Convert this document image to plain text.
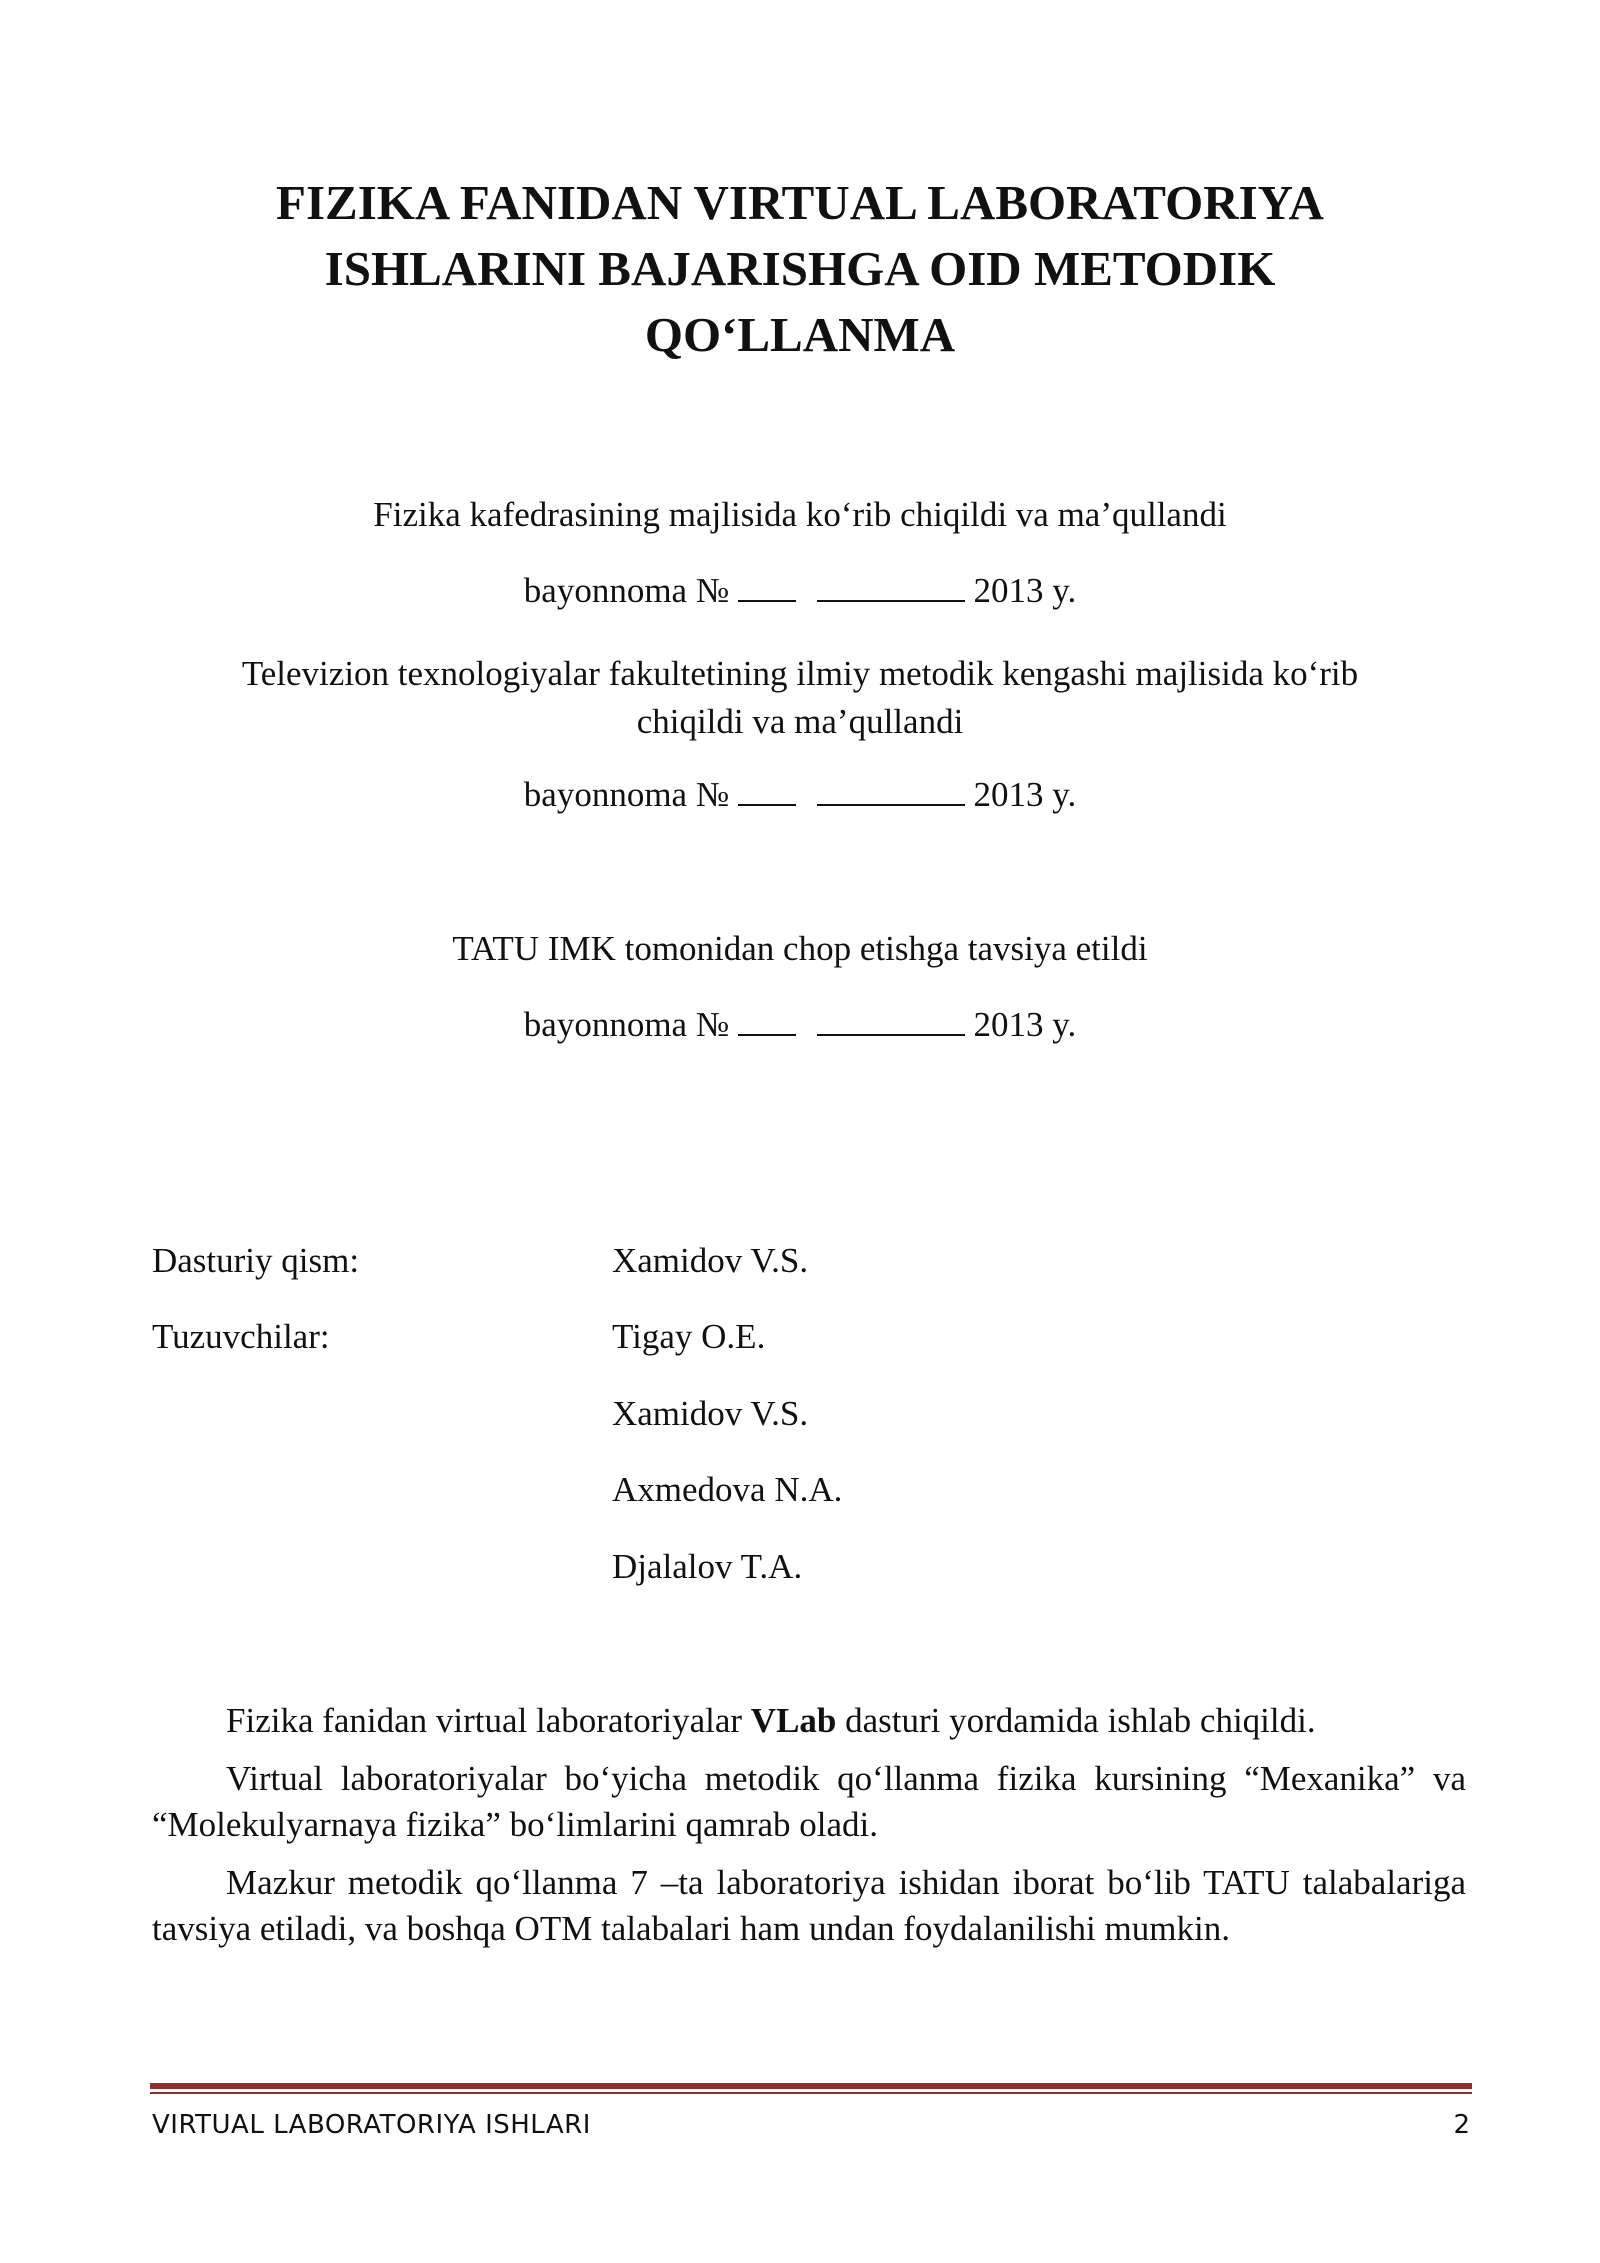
FIZIKA FANIDAN VIRTUAL LABORATORIYA
ISHLARINI BAJARISHGA OID METODIK
QO‘LLANMA
Fizika kafedrasining majlisida ko‘rib chiqildi va ma’qullandi
bayonnoma №	2013 y.
Televizion texnologiyalar fakultetining ilmiy metodik kengashi majlisida ko‘rib
chiqildi va ma’qullandi
bayonnoma №	2013 y.
TATU IMK tomonidan chop etishga tavsiya etildi
bayonnoma №	2013 y.
Dasturiy qism:	Xamidov V.S.
Tuzuvchilar:	Tigay O.E.
Xamidov V.S.
Axmedova N.A.
Djalalov T.A.

Fizika fanidan virtual laboratoriyalar VLab dasturi yordamida ishlab chiqildi.

Virtual laboratoriyalar bo‘yicha metodik qo‘llanma fizika kursining “Mexanika” va “Molekulyarnaya fizika” bo‘limlarini qamrab oladi.

Mazkur metodik qo‘llanma 7 –ta laboratoriya ishidan iborat bo‘lib TATU talabalariga tavsiya etiladi, va boshqa OTM talabalari ham undan foydalanilishi mumkin.

VIRTUAL LABORATORIYA ISHLARI	2
